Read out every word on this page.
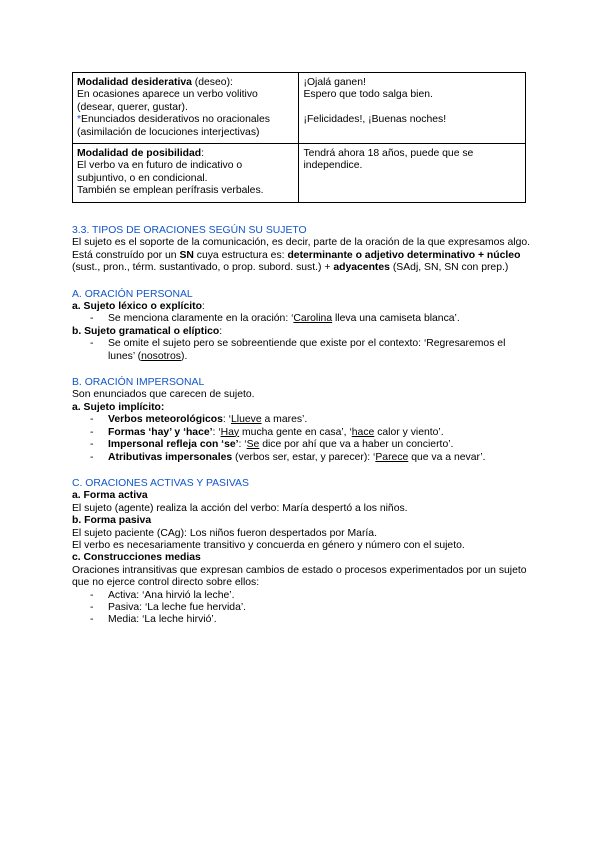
Modalidad desiderativa (deseo):
En ocasiones aparece un verbo volitivo (desear, querer, gustar).
*Enunciados desiderativos no oracionales (asimilación de locuciones interjectivas)	¡Ojalá ganen!
Espero que todo salga bien.

¡Felicidades!, ¡Buenas noches!
Modalidad de posibilidad:
El verbo va en futuro de indicativo o subjuntivo, o en condicional.
También se emplean perífrasis verbales.	Tendrá ahora 18 años, puede que se independice.

3.3. TIPOS DE ORACIONES SEGÚN SU SUJETO

El sujeto es el soporte de la comunicación, es decir, parte de la oración de la que expresamos algo.

Está construído por un SN cuya estructura es: determinante o adjetivo determinativo + núcleo (sust., pron., térm. sustantivado, o prop. subord. sust.) + adyacentes (SAdj, SN, SN con prep.)

A. ORACIÓN PERSONAL

a. Sujeto léxico o explícito:

- Se menciona claramente en la oración: ‘Carolina lleva una camiseta blanca’.

b. Sujeto gramatical o elíptico:

- Se omite el sujeto pero se sobreentiende que existe por el contexto: ‘Regresaremos el lunes’ (nosotros).

B. ORACIÓN IMPERSONAL

Son enunciados que carecen de sujeto.

a. Sujeto implícito:

- Verbos meteorológicos: ‘Llueve a mares’.
- Formas ‘hay’ y ‘hace’: ‘Hay mucha gente en casa’, ‘hace calor y viento’.
- Impersonal refleja con ‘se’: ‘Se dice por ahí que va a haber un concierto’.
- Atributivas impersonales (verbos ser, estar, y parecer): ‘Parece que va a nevar’.

C. ORACIONES ACTIVAS Y PASIVAS

a. Forma activa

El sujeto (agente) realiza la acción del verbo: María despertó a los niños.

b. Forma pasiva

El sujeto paciente (CAg): Los niños fueron despertados por María.

El verbo es necesariamente transitivo y concuerda en género y número con el sujeto.

c. Construcciones medias

Oraciones intransitivas que expresan cambios de estado o procesos experimentados por un sujeto que no ejerce control directo sobre ellos:

- Activa: ‘Ana hirvió la leche’.
- Pasiva: ‘La leche fue hervida’.
- Media: ‘La leche hirvió’.
